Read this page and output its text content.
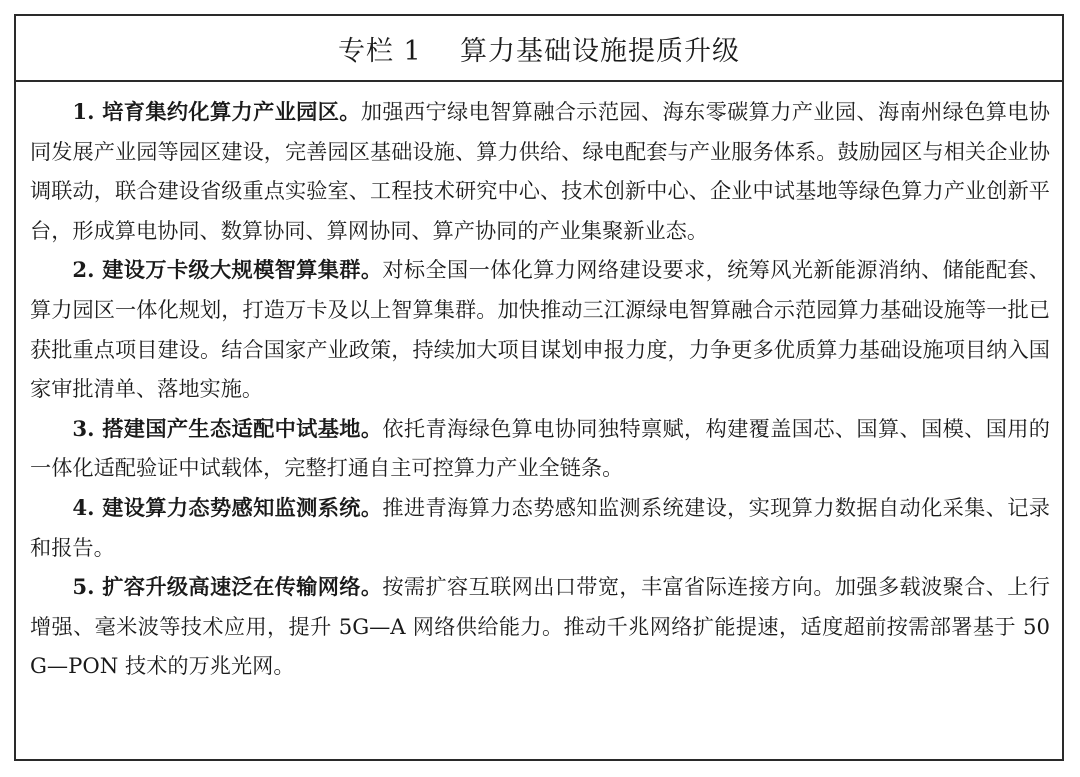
专栏 1    算力基础设施提质升级

1. 培育集约化算力产业园区。加强西宁绿电智算融合示范园、海东零碳算力产业园、海南州绿色算电协同发展产业园等园区建设，完善园区基础设施、算力供给、绿电配套与产业服务体系。鼓励园区与相关企业协调联动，联合建设省级重点实验室、工程技术研究中心、技术创新中心、企业中试基地等绿色算力产业创新平台，形成算电协同、数算协同、算网协同、算产协同的产业集聚新业态。

2. 建设万卡级大规模智算集群。对标全国一体化算力网络建设要求，统筹风光新能源消纳、储能配套、算力园区一体化规划，打造万卡及以上智算集群。加快推动三江源绿电智算融合示范园算力基础设施等一批已获批重点项目建设。结合国家产业政策，持续加大项目谋划申报力度，力争更多优质算力基础设施项目纳入国家审批清单、落地实施。

3. 搭建国产生态适配中试基地。依托青海绿色算电协同独特禀赋，构建覆盖国芯、国算、国模、国用的一体化适配验证中试载体，完整打通自主可控算力产业全链条。

4. 建设算力态势感知监测系统。推进青海算力态势感知监测系统建设，实现算力数据自动化采集、记录和报告。

5. 扩容升级高速泛在传输网络。按需扩容互联网出口带宽，丰富省际连接方向。加强多载波聚合、上行增强、毫米波等技术应用，提升 5G—A 网络供给能力。推动千兆网络扩能提速，适度超前按需部署基于 50G—PON 技术的万兆光网。
